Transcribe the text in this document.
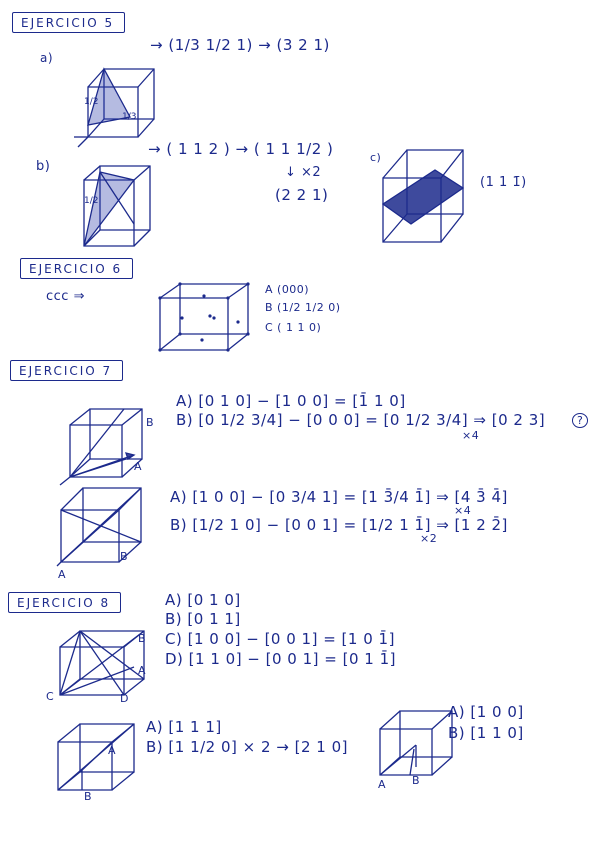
EJERCICIO 5
a)
→ (1/3 1/2 1) → (3 2 1)
1/2
1/3
b)
→ ( 1 1 2 ) → ( 1 1 1/2 )
↓ ×2
(2 2 1)
1/2
c)
(1 1 1̄)
EJERCICIO 6
ccc ⇒	A (000)
B (1/2 1/2 0)
C ( 1 1 0)
EJERCICIO 7
B
A
A) [0 1 0] − [1 0 0] = [1̄ 1 0]
B) [0 1/2 3/4] − [0 0 0] = [0 1/2 3/4] ⇒ [0 2 3]
×4
?
B
A
A) [1 0 0] − [0 3/4 1] = [1 3̄/4 1̄] ⇒ [4 3̄ 4̄]
×4
B) [1/2 1 0] − [0 0 1] = [1/2 1 1̄] ⇒ [1 2 2̄]
×2
EJERCICIO 8	A) [0 1 0]
B) [0 1 1]
C) [1 0 0] − [0 0 1] = [1 0 1̄]
D) [1 1 0] − [0 0 1] = [0 1 1̄]
B
A
C	D
A
B
A) [1 1 1]
B) [1 1/2 0] × 2 → [2 1 0]
A B
A) [1 0 0]
B) [1 1 0]
